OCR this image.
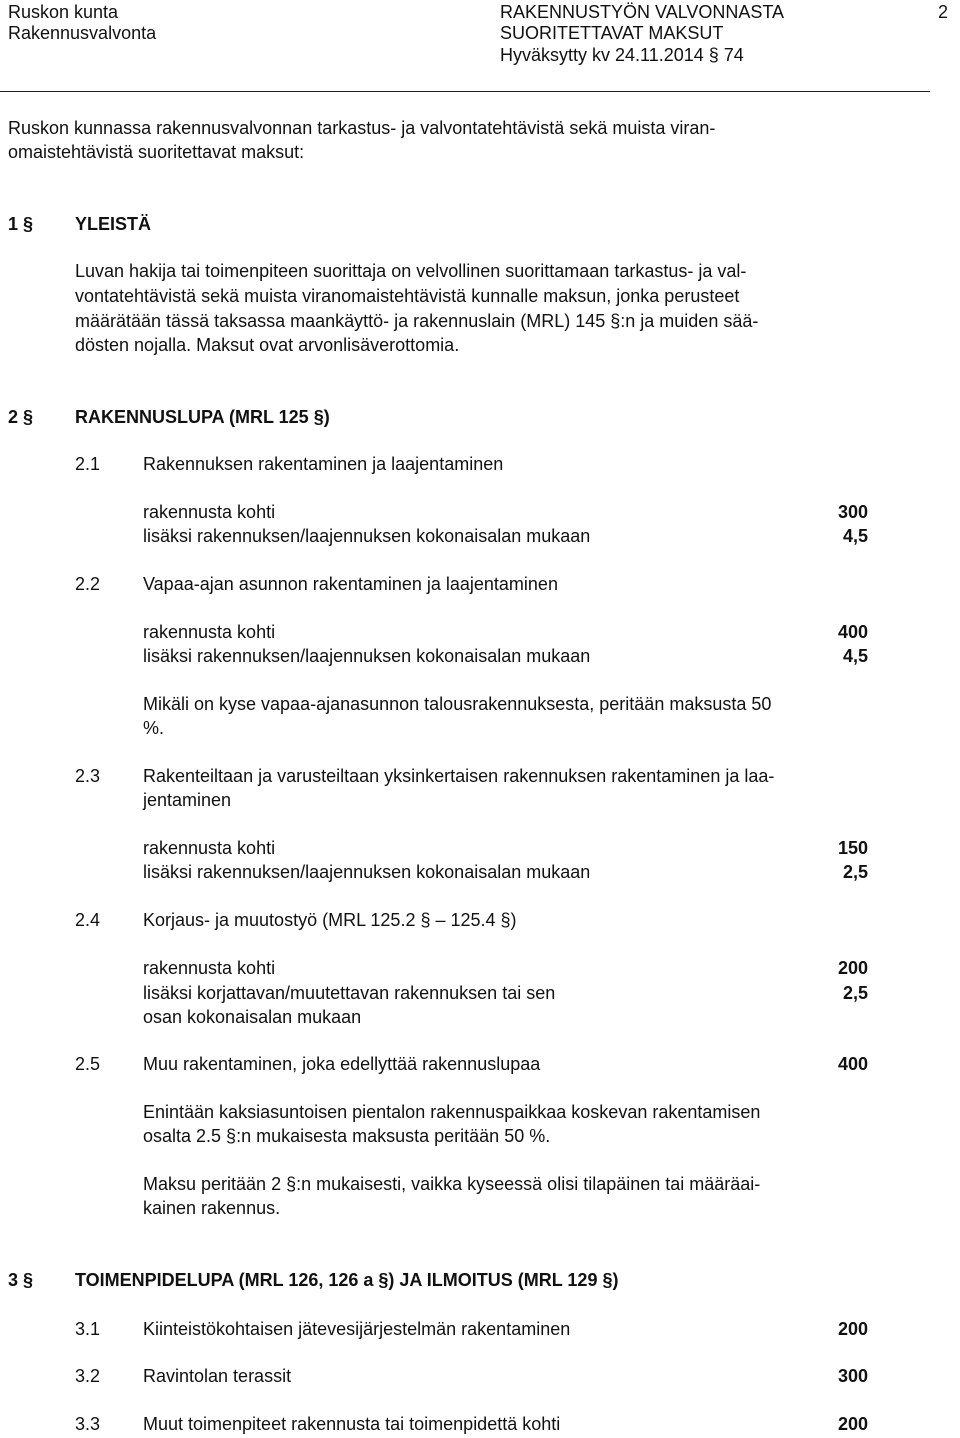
Ruskon kunta
Rakennusvalvonta
RAKENNUSTYÖN VALVONNASTA
SUORITETTAVAT MAKSUT
Hyväksytty kv 24.11.2014 § 74
2
Ruskon kunnassa rakennusvalvonnan tarkastus- ja valvontatehtävistä sekä muista viran-
omaistehtävistä suoritettavat maksut:
1 § YLEISTÄ
Luvan hakija tai toimenpiteen suorittaja on velvollinen suorittamaan tarkastus- ja val-
vontatehtävistä sekä muista viranomaistehtävistä kunnalle maksun, jonka perusteet
määrätään tässä taksassa maankäyttö- ja rakennuslain (MRL) 145 §:n ja muiden sää-
dösten nojalla. Maksut ovat arvonlisäverottomia.
2 § RAKENNUSLUPA (MRL 125 §)
2.1 Rakennuksen rakentaminen ja laajentaminen
rakennusta kohti	300
lisäksi rakennuksen/laajennuksen kokonaisalan mukaan	4,5
2.2 Vapaa-ajan asunnon rakentaminen ja laajentaminen
rakennusta kohti	400
lisäksi rakennuksen/laajennuksen kokonaisalan mukaan	4,5
Mikäli on kyse vapaa-ajanasunnon talousrakennuksesta, peritään maksusta 50
%.
2.3 Rakenteiltaan ja varusteiltaan yksinkertaisen rakennuksen rakentaminen ja laa-
jentaminen
rakennusta kohti	150
lisäksi rakennuksen/laajennuksen kokonaisalan mukaan	2,5
2.4 Korjaus- ja muutostyö (MRL 125.2 § – 125.4 §)
rakennusta kohti	200
lisäksi korjattavan/muutettavan rakennuksen tai sen	2,5
osan kokonaisalan mukaan
2.5 Muu rakentaminen, joka edellyttää rakennuslupaa	400
Enintään kaksiasuntoisen pientalon rakennuspaikkaa koskevan rakentamisen
osalta 2.5 §:n mukaisesta maksusta peritään 50 %.
Maksu peritään 2 §:n mukaisesti, vaikka kyseessä olisi tilapäinen tai määräai-
kainen rakennus.
3 § TOIMENPIDELUPA (MRL 126, 126 a §) JA ILMOITUS (MRL 129 §)
3.1 Kiinteistökohtaisen jätevesijärjestelmän rakentaminen	200
3.2 Ravintolan terassit	300
3.3 Muut toimenpiteet rakennusta tai toimenpidettä kohti	200
